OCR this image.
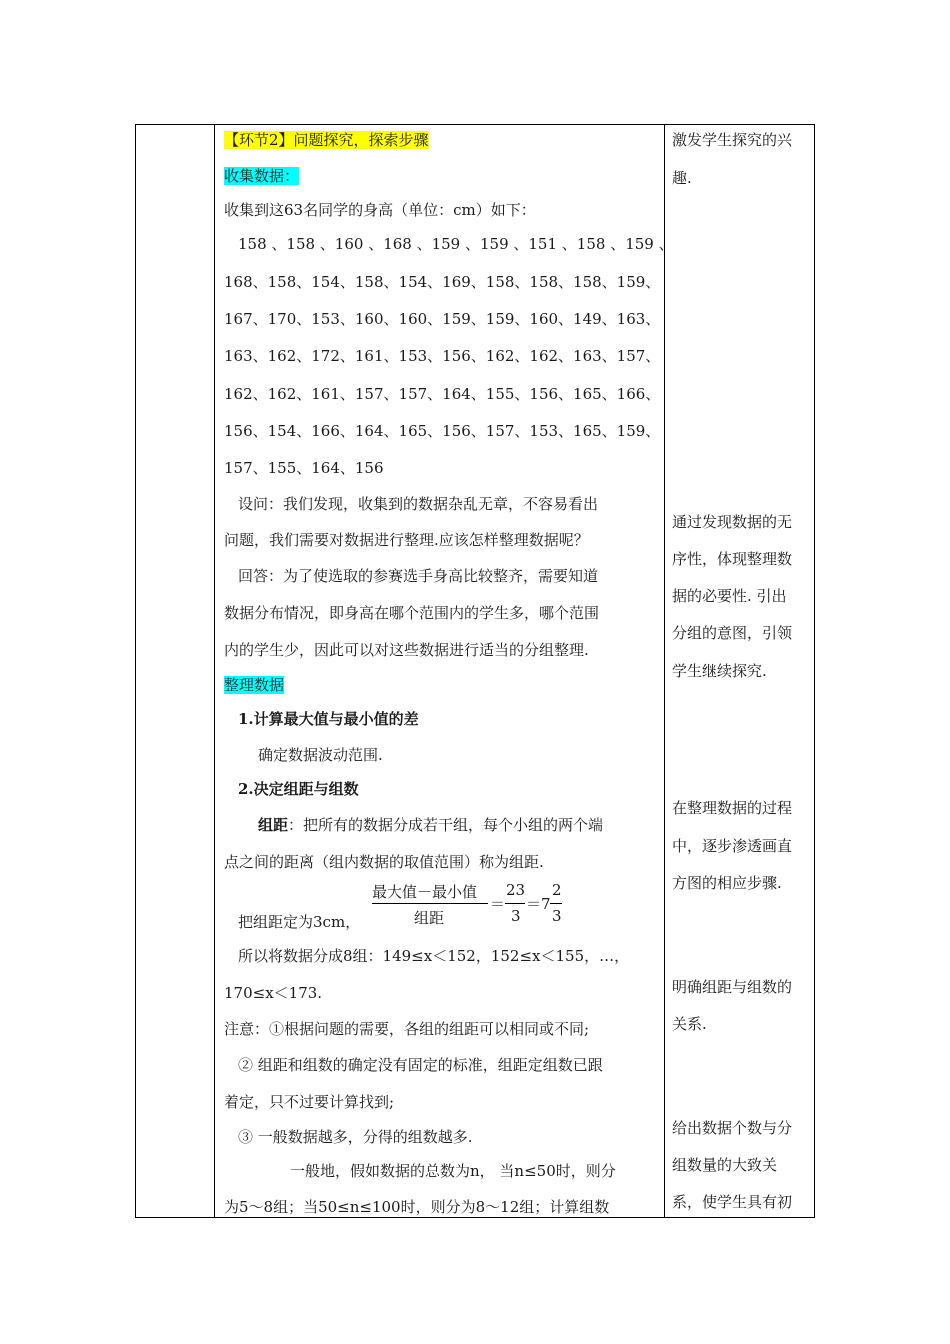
【环节2】问题探究，探索步骤
收集数据：
收集到这63名同学的身高（单位：cm）如下：
158 、158 、160 、168 、159 、159 、151 、158 、159 、
168、158、154、158、154、169、158、158、158、159、
167、170、153、160、160、159、159、160、149、163、
163、162、172、161、153、156、162、162、163、157、
162、162、161、157、157、164、155、156、165、166、
156、154、166、164、165、156、157、153、165、159、
157、155、164、156
设问：我们发现，收集到的数据杂乱无章，不容易看出
问题，我们需要对数据进行整理.应该怎样整理数据呢？
回答：为了使选取的参赛选手身高比较整齐，需要知道
数据分布情况，即身高在哪个范围内的学生多，哪个范围
内的学生少，因此可以对这些数据进行适当的分组整理.
整理数据
1.计算最大值与最小值的差
确定数据波动范围.
2.决定组距与组数
组距：把所有的数据分成若干组，每个小组的两个端
点之间的距离（组内数据的取值范围）称为组距.
把组距定为3cm，
所以将数据分成8组：149≤x＜152，152≤x＜155，…，
170≤x＜173.
注意：①根据问题的需要，各组的组距可以相同或不同;
② 组距和组数的确定没有固定的标准，组距定组数已跟
着定，只不过要计算找到;
③ 一般数据越多，分得的组数越多.
一般地，假如数据的总数为n， 当n≤50时，则分
为5～8组；当50≤n≤100时，则分为8～12组；计算组数
最大值－最小值
组距
＝
23
3
＝7
2
3
激发学生探究的兴
趣.
通过发现数据的无
序性，体现整理数
据的必要性. 引出
分组的意图，引领
学生继续探究.
在整理数据的过程
中，逐步渗透画直
方图的相应步骤.
明确组距与组数的
关系.
给出数据个数与分
组数量的大致关
系，使学生具有初
